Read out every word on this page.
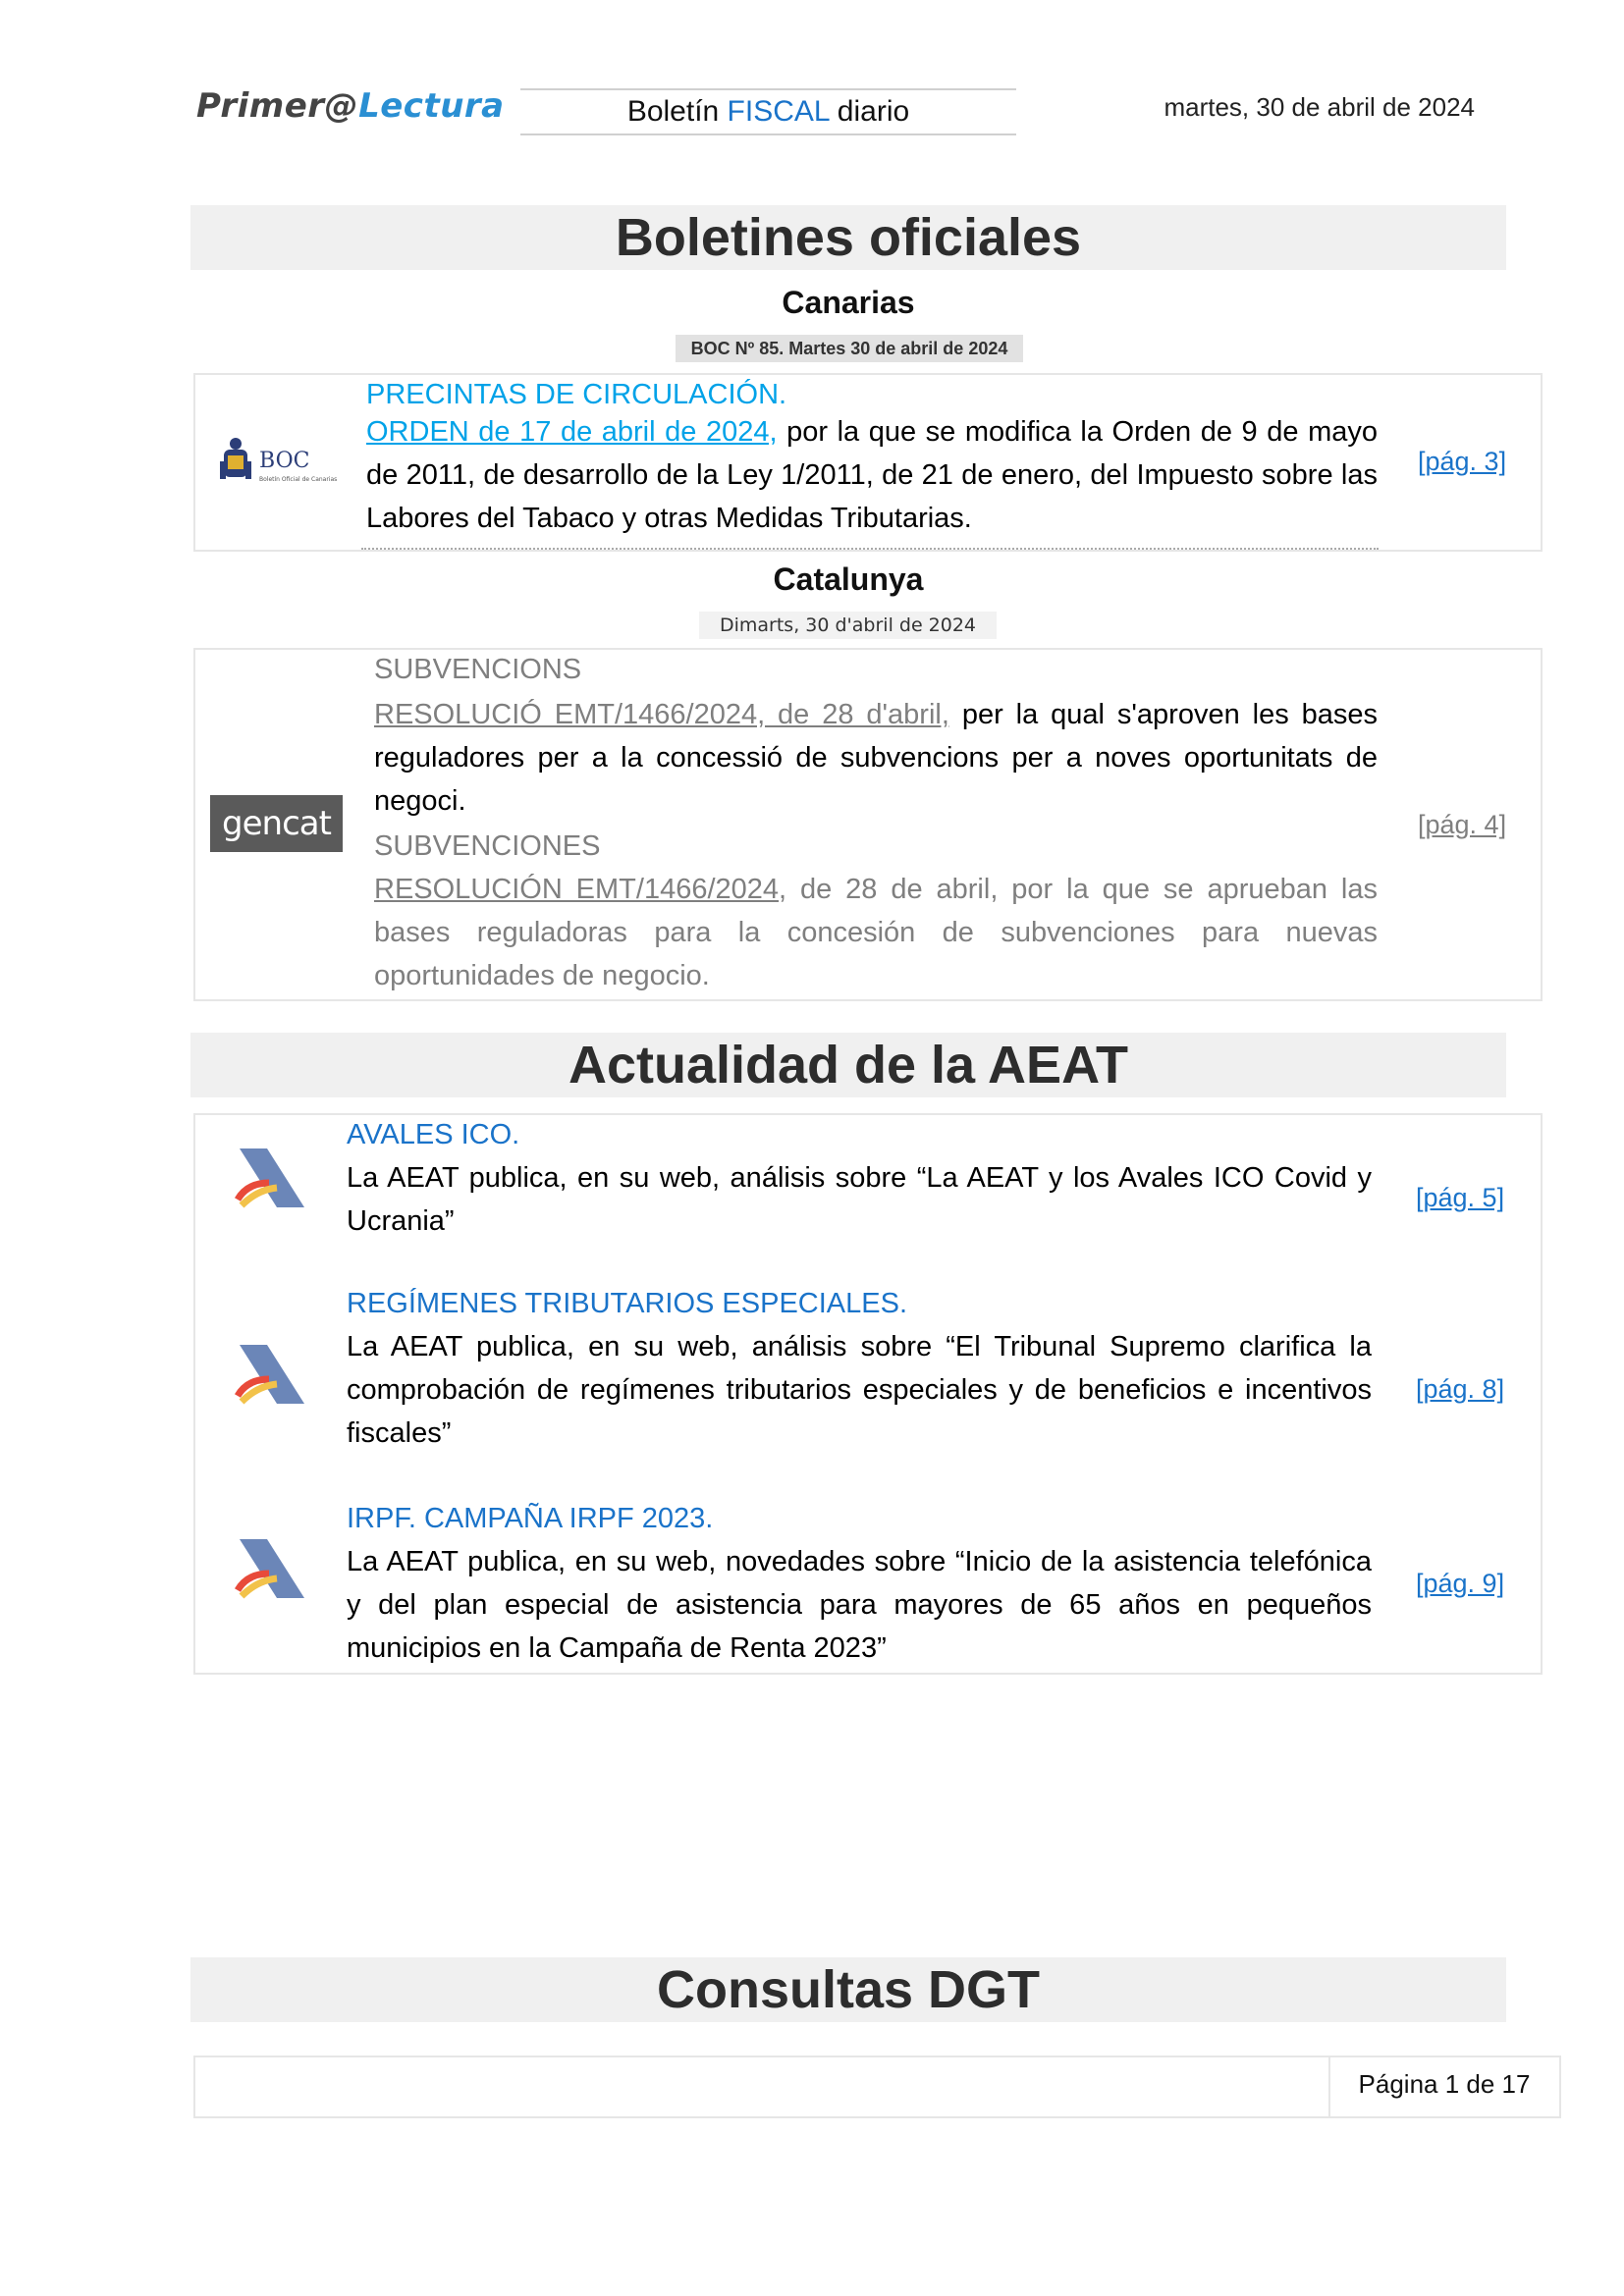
Primer@Lectura	Boletín FISCAL diario	martes, 30 de abril de 2024
Boletines oficiales
Canarias
BOC Nº 85. Martes 30 de abril de 2024
BOC
Boletín Oficial de Canarias
PRECINTAS DE CIRCULACIÓN.
ORDEN de 17 de abril de 2024, por la que se modifica la Orden de 9 de mayo de 2011, de desarrollo de la Ley 1/2011, de 21 de enero, del Impuesto sobre las Labores del Tabaco y otras Medidas Tributarias.
[pág. 3]
Catalunya
Dimarts, 30 d'abril de 2024
gencat
SUBVENCIONS
RESOLUCIÓ EMT/1466/2024, de 28 d'abril, per la qual s'aproven les bases reguladores per a la concessió de subvencions per a noves oportunitats de negoci.
SUBVENCIONES
RESOLUCIÓN EMT/1466/2024, de 28 de abril, por la que se aprueban las bases reguladoras para la concesión de subvenciones para nuevas oportunidades de negocio.
[pág. 4]
Actualidad de la AEAT
AVALES ICO.
La AEAT publica, en su web, análisis sobre “La AEAT y los Avales ICO Covid y Ucrania”
[pág. 5]
REGÍMENES TRIBUTARIOS ESPECIALES.
La AEAT publica, en su web, análisis sobre “El Tribunal Supremo clarifica la comprobación de regímenes tributarios especiales y de beneficios e incentivos fiscales”
[pág. 8]
IRPF. CAMPAÑA IRPF 2023.
La AEAT publica, en su web, novedades sobre “Inicio de la asistencia telefónica y del plan especial de asistencia para mayores de 65 años en pequeños municipios en la Campaña de Renta 2023”
[pág. 9]
Consultas DGT
Página 1 de 17
